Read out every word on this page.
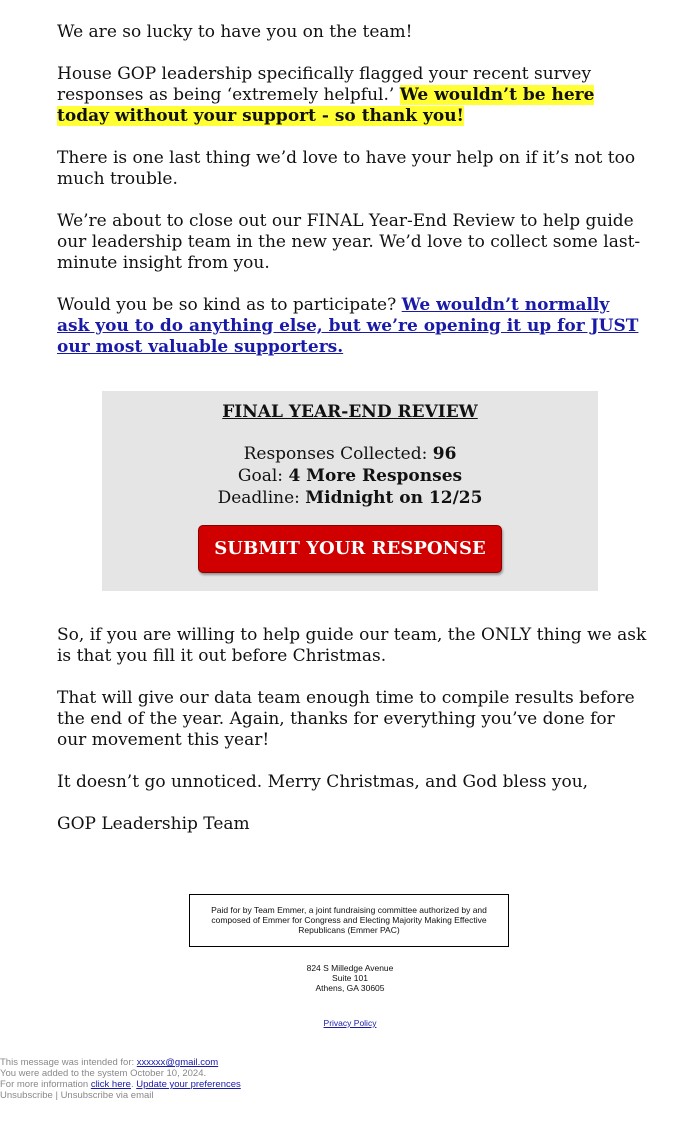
We are so lucky to have you on the team!

House GOP leadership specifically flagged your recent survey responses as being ‘extremely helpful.’ We wouldn’t be here today without your support - so thank you!

There is one last thing we’d love to have your help on if it’s not too much trouble.

We’re about to close out our FINAL Year-End Review to help guide our leadership team in the new year. We’d love to collect some last-minute insight from you.

Would you be so kind as to participate? We wouldn’t normally ask you to do anything else, but we’re opening it up for JUST our most valuable supporters.

FINAL YEAR-END REVIEW
Responses Collected: 96
Goal: 4 More Responses
Deadline: Midnight on 12/25
SUBMIT YOUR RESPONSE

So, if you are willing to help guide our team, the ONLY thing we ask is that you fill it out before Christmas.

That will give our data team enough time to compile results before the end of the year. Again, thanks for everything you’ve done for our movement this year!

It doesn’t go unnoticed. Merry Christmas, and God bless you,

GOP Leadership Team

Paid for by Team Emmer, a joint fundraising committee authorized by and composed of Emmer for Congress and Electing Majority Making Effective Republicans (Emmer PAC)
824 S Milledge Avenue
Suite 101
Athens, GA 30605
Privacy Policy
This message was intended for: xxxxxx@gmail.com
You were added to the system October 10, 2024.
For more information click here. Update your preferences
Unsubscribe | Unsubscribe via email
